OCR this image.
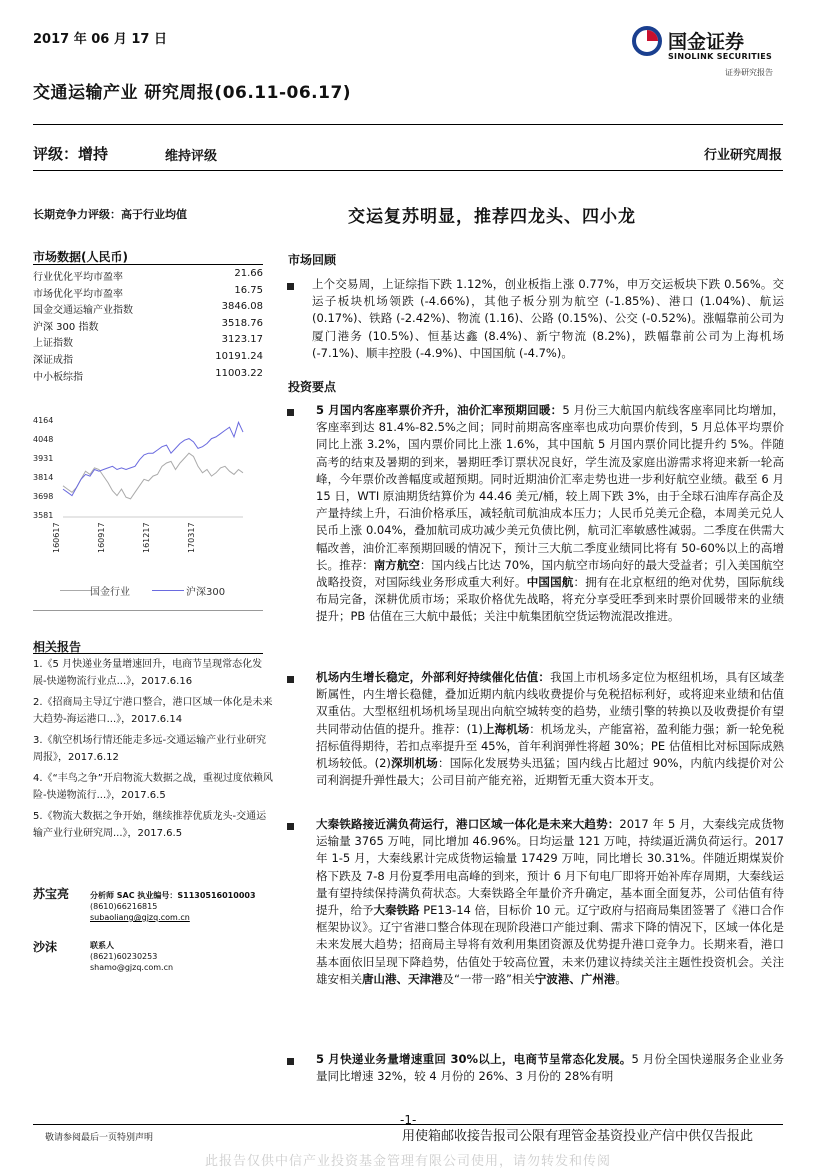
2017 年 06 月 17 日
交通运输产业 研究周报(06.11-06.17)
国金证券
SINOLINK SECURITIES
证券研究报告
评级：增持	维持评级	行业研究周报
交运复苏明显，推荐四龙头、四小龙
长期竞争力评级：高于行业均值
市场数据(人民币)
行业优化平均市盈率	21.66
市场优化平均市盈率	16.75
国金交通运输产业指数	3846.08
沪深 300 指数	3518.76
上证指数	3123.17
深证成指	10191.24
中小板综指	11003.22
4164
4048
3931
3814
3698
3581
160617	160917	161217	170317
国金行业	沪深300
相关报告
1.《5 月快递业务量增速回升，电商节呈现常态化发展-快递物流行业点...》，2017.6.16
2.《招商局主导辽宁港口整合，港口区域一体化是未来大趋势-海运港口...》，2017.6.14
3.《航空机场行情还能走多远-交通运输产业行业研究周报》，2017.6.12
4.《“丰鸟之争”开启物流大数据之战，重视过度依赖风险-快递物流行...》，2017.6.5
5.《物流大数据之争开始，继续推荐优质龙头-交通运输产业行业研究周...》，2017.6.5
苏宝亮	分析师 SAC 执业编号：S1130516010003
(8610)66216815
subaoliang@gjzq.com.cn
沙沫	联系人
(8621)60230253
shamo@gjzq.com.cn
市场回顾
上个交易周，上证综指下跌 1.12%，创业板指上涨 0.77%，申万交运板块下跌 0.56%。交运子板块机场领跌 (-4.66%)，其他子板分别为航空 (-1.85%)、港口 (1.04%)、航运 (0.17%)、铁路 (-2.42%)、物流 (1.16)、公路 (0.15%)、公交 (-0.52%)。涨幅靠前公司为厦门港务 (10.5%)、恒基达鑫 (8.4%)、新宁物流 (8.2%)，跌幅靠前公司为上海机场 (-7.1%)、顺丰控股 (-4.9%)、中国国航 (-4.7%)。
投资要点
5 月国内客座率票价齐升，油价汇率预期回暖：5 月份三大航国内航线客座率同比均增加，客座率到达 81.4%-82.5%之间；同时前期高客座率也成功向票价传到，5 月总体平均票价同比上涨 3.2%，国内票价同比上涨 1.6%，其中国航 5 月国内票价同比提升约 5%。伴随高考的结束及暑期的到来，暑期旺季订票状况良好，学生流及家庭出游需求将迎来新一轮高峰，今年票价改善幅度或超预期。同时近期油价汇率走势也进一步利好航空业绩。截至 6 月 15 日，WTI 原油期货结算价为 44.46 美元/桶，较上周下跌 3%，由于全球石油库存高企及产量持续上升，石油价格承压，减轻航司航油成本压力；人民币兑美元企稳，本周美元兑人民币上涨 0.04%，叠加航司成功减少美元负债比例，航司汇率敏感性减弱。二季度在供需大幅改善，油价汇率预期回暖的情况下，预计三大航二季度业绩同比将有 50-60%以上的高增长。推荐：南方航空：国内线占比达 70%，国内航空市场向好的最大受益者；引入美国航空战略投资，对国际线业务形成重大利好。中国国航：拥有在北京枢纽的绝对优势，国际航线布局完备，深耕优质市场；采取价格优先战略，将充分享受旺季到来时票价回暖带来的业绩提升；PB 估值在三大航中最低；关注中航集团航空货运物流混改推进。
机场内生增长稳定，外部利好持续催化估值：我国上市机场多定位为枢纽机场，具有区域垄断属性，内生增长稳健，叠加近期内航内线收费提价与免税招标利好，或将迎来业绩和估值双重估。大型枢纽机场机场呈现出向航空城转变的趋势，业绩引擎的转换以及收费提价有望共同带动估值的提升。推荐：(1)上海机场：机场龙头，产能富裕，盈利能力强；新一轮免税招标值得期待，若扣点率提升至 45%，首年利润弹性将超 30%；PE 估值相比对标国际成熟机场较低。(2)深圳机场：国际化发展势头迅猛；国内线占比超过 90%，内航内线提价对公司利润提升弹性最大；公司目前产能充裕，近期暂无重大资本开支。
大秦铁路接近满负荷运行，港口区域一体化是未来大趋势：2017 年 5 月，大秦线完成货物运输量 3765 万吨，同比增加 46.96%。日均运量 121 万吨，持续逼近满负荷运行。2017 年 1-5 月，大秦线累计完成货物运输量 17429 万吨，同比增长 30.31%。伴随近期煤炭价格下跌及 7-8 月份夏季用电高峰的到来，预计 6 月下旬电厂即将开始补库存周期，大秦线运量有望持续保持满负荷状态。大秦铁路全年量价齐升确定，基本面全面复苏，公司估值有待提升，给予大秦铁路 PE13-14 倍，目标价 10 元。辽宁政府与招商局集团签署了《港口合作框架协议》。辽宁省港口整合体现在现阶段港口产能过剩、需求下降的情况下，区域一体化是未来发展大趋势；招商局主导将有效利用集团资源及优势提升港口竞争力。长期来看，港口基本面依旧呈现下降趋势，估值处于较高位置，未来仍建议持续关注主题性投资机会。关注雄安相关唐山港、天津港及“一带一路”相关宁波港、广州港。
5 月快递业务量增速重回 30%以上，电商节呈常态化发展。5 月份全国快递服务企业业务量同比增速 32%，较 4 月份的 26%、3 月份的 28%有明
-1-
敬请参阅最后一页特别声明	用使箱邮收接告报司公限有理管金基资投业产信中供仅告报此
此报告仅供中信产业投资基金管理有限公司使用，请勿转发和传阅
